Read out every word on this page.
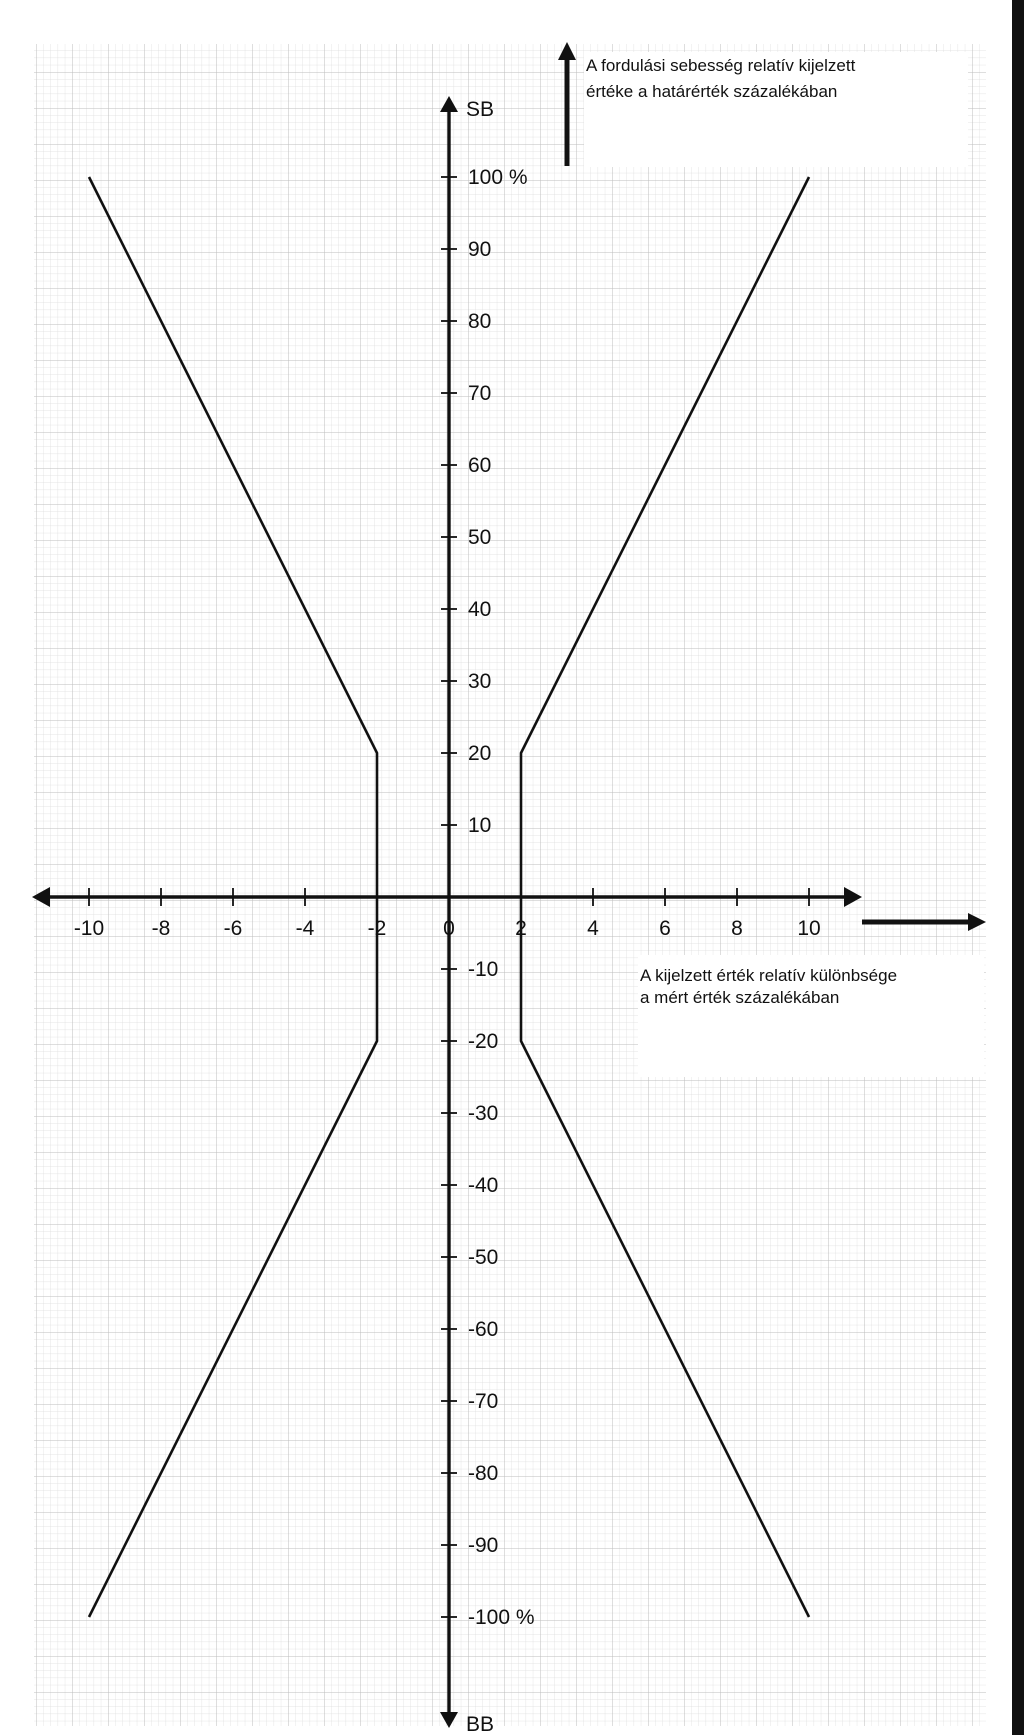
-10 -8	-6	-4	-2	0	2	4	6	8	10
100 %
90
80
70
60
50
40
30
20
10
-10
-20
-30
-40
-50
-60
-70
-80
-90
-100 %
SB
BB
A fordulási sebesség relatív kijelzett
értéke a határérték százalékában
A kijelzett érték relatív különbsége
a mért érték százalékában
